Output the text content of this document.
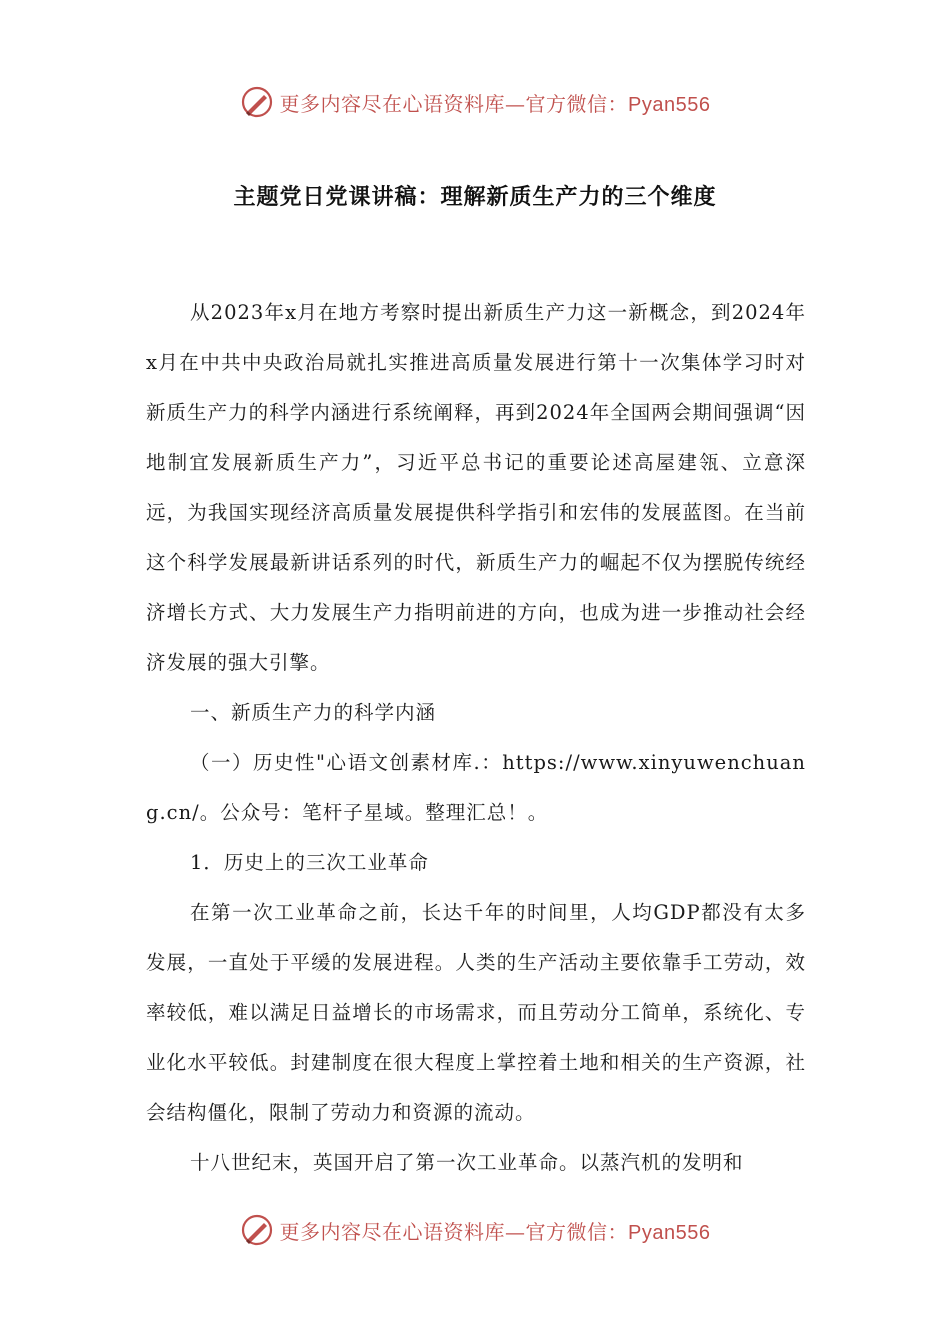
更多内容尽在心语资料库—官方微信：Pyan556
主题党日党课讲稿：理解新质生产力的三个维度

从2023年x月在地方考察时提出新质生产力这一新概念，到2024年x月在中共中央政治局就扎实推进高质量发展进行第十一次集体学习时对新质生产力的科学内涵进行系统阐释，再到2024年全国两会期间强调“因地制宜发展新质生产力”，习近平总书记的重要论述高屋建瓴、立意深远，为我国实现经济高质量发展提供科学指引和宏伟的发展蓝图。在当前这个科学发展最新讲话系列的时代，新质生产力的崛起不仅为摆脱传统经济增长方式、大力发展生产力指明前进的方向，也成为进一步推动社会经济发展的强大引擎。

一、新质生产力的科学内涵

（一）历史性"心语文创素材库.：https://www.xinyuwenchuang.cn/。公众号：笔杆子星域。整理汇总！。

1．历史上的三次工业革命

在第一次工业革命之前，长达千年的时间里，人均GDP都没有太多发展，一直处于平缓的发展进程。人类的生产活动主要依靠手工劳动，效率较低，难以满足日益增长的市场需求，而且劳动分工简单，系统化、专业化水平较低。封建制度在很大程度上掌控着土地和相关的生产资源，社会结构僵化，限制了劳动力和资源的流动。

十八世纪末，英国开启了第一次工业革命。以蒸汽机的发明和

更多内容尽在心语资料库—官方微信：Pyan556
